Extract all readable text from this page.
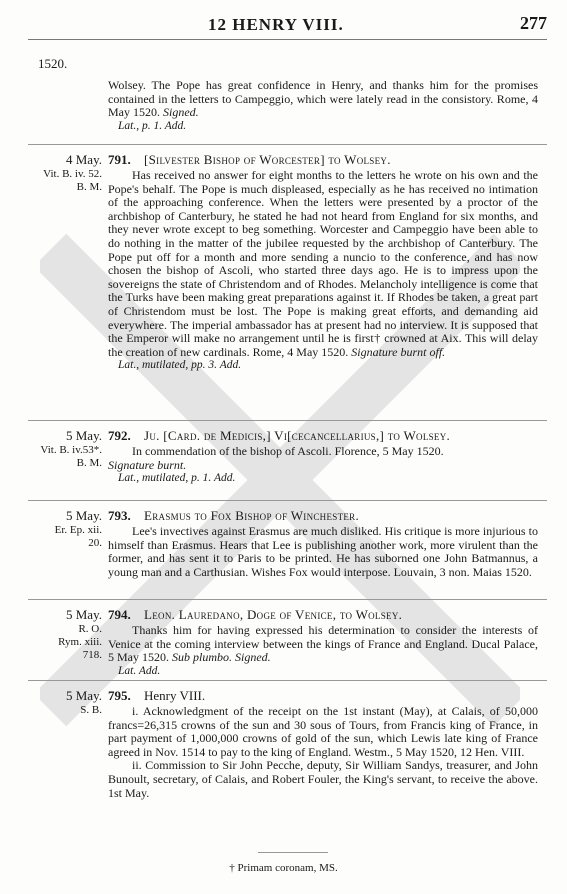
12 HENRY VIII.	277
1520.

Wolsey. The Pope has great confidence in Henry, and thanks him for the promises contained in the letters to Campeggio, which were lately read in the consistory. Rome, 4 May 1520. Signed.

Lat., p. 1. Add.

4 May.
Vit. B. iv. 52.
B. M.
791. [Silvester Bishop of Worcester] to Wolsey.

Has received no answer for eight months to the letters he wrote on his own and the Pope's behalf. The Pope is much displeased, especially as he has received no intimation of the approaching conference. When the letters were presented by a proctor of the archbishop of Canterbury, he stated he had not heard from England for six months, and they never wrote except to beg something. Worcester and Campeggio have been able to do nothing in the matter of the jubilee requested by the archbishop of Canterbury. The Pope put off for a month and more sending a nuncio to the conference, and has now chosen the bishop of Ascoli, who started three days ago. He is to impress upon the sovereigns the state of Christendom and of Rhodes. Melancholy intelligence is come that the Turks have been making great preparations against it. If Rhodes be taken, a great part of Christendom must be lost. The Pope is making great efforts, and demanding aid everywhere. The imperial ambassador has at present had no interview. It is supposed that the Emperor will make no arrangement until he is first† crowned at Aix. This will delay the creation of new cardinals. Rome, 4 May 1520. Signature burnt off.

Lat., mutilated, pp. 3. Add.

5 May.
Vit. B. iv.53*.
B. M.
792. Ju. [Card. de Medicis,] Vi[cecancellarius,] to Wolsey.

In commendation of the bishop of Ascoli. Florence, 5 May 1520.

Signature burnt.

Lat., mutilated, p. 1. Add.

5 May.
Er. Ep. xii.
20.
793. Erasmus to Fox Bishop of Winchester.

Lee's invectives against Erasmus are much disliked. His critique is more injurious to himself than Erasmus. Hears that Lee is publishing another work, more virulent than the former, and has sent it to Paris to be printed. He has suborned one John Batmannus, a young man and a Carthusian. Wishes Fox would interpose. Louvain, 3 non. Maias 1520.

5 May.
R. O.
Rym. xiii.
718.
794. Leon. Lauredano, Doge of Venice, to Wolsey.

Thanks him for having expressed his determination to consider the interests of Venice at the coming interview between the kings of France and England. Ducal Palace, 5 May 1520. Sub plumbo. Signed.

Lat. Add.

5 May.
S. B.
795. Henry VIII.

i. Acknowledgment of the receipt on the 1st instant (May), at Calais, of 50,000 francs=26,315 crowns of the sun and 30 sous of Tours, from Francis king of France, in part payment of 1,000,000 crowns of gold of the sun, which Lewis late king of France agreed in Nov. 1514 to pay to the king of England. Westm., 5 May 1520, 12 Hen. VIII.

ii. Commission to Sir John Pecche, deputy, Sir William Sandys, treasurer, and John Bunoult, secretary, of Calais, and Robert Fouler, the King's servant, to receive the above. 1st May.

† Primam coronam, MS.
